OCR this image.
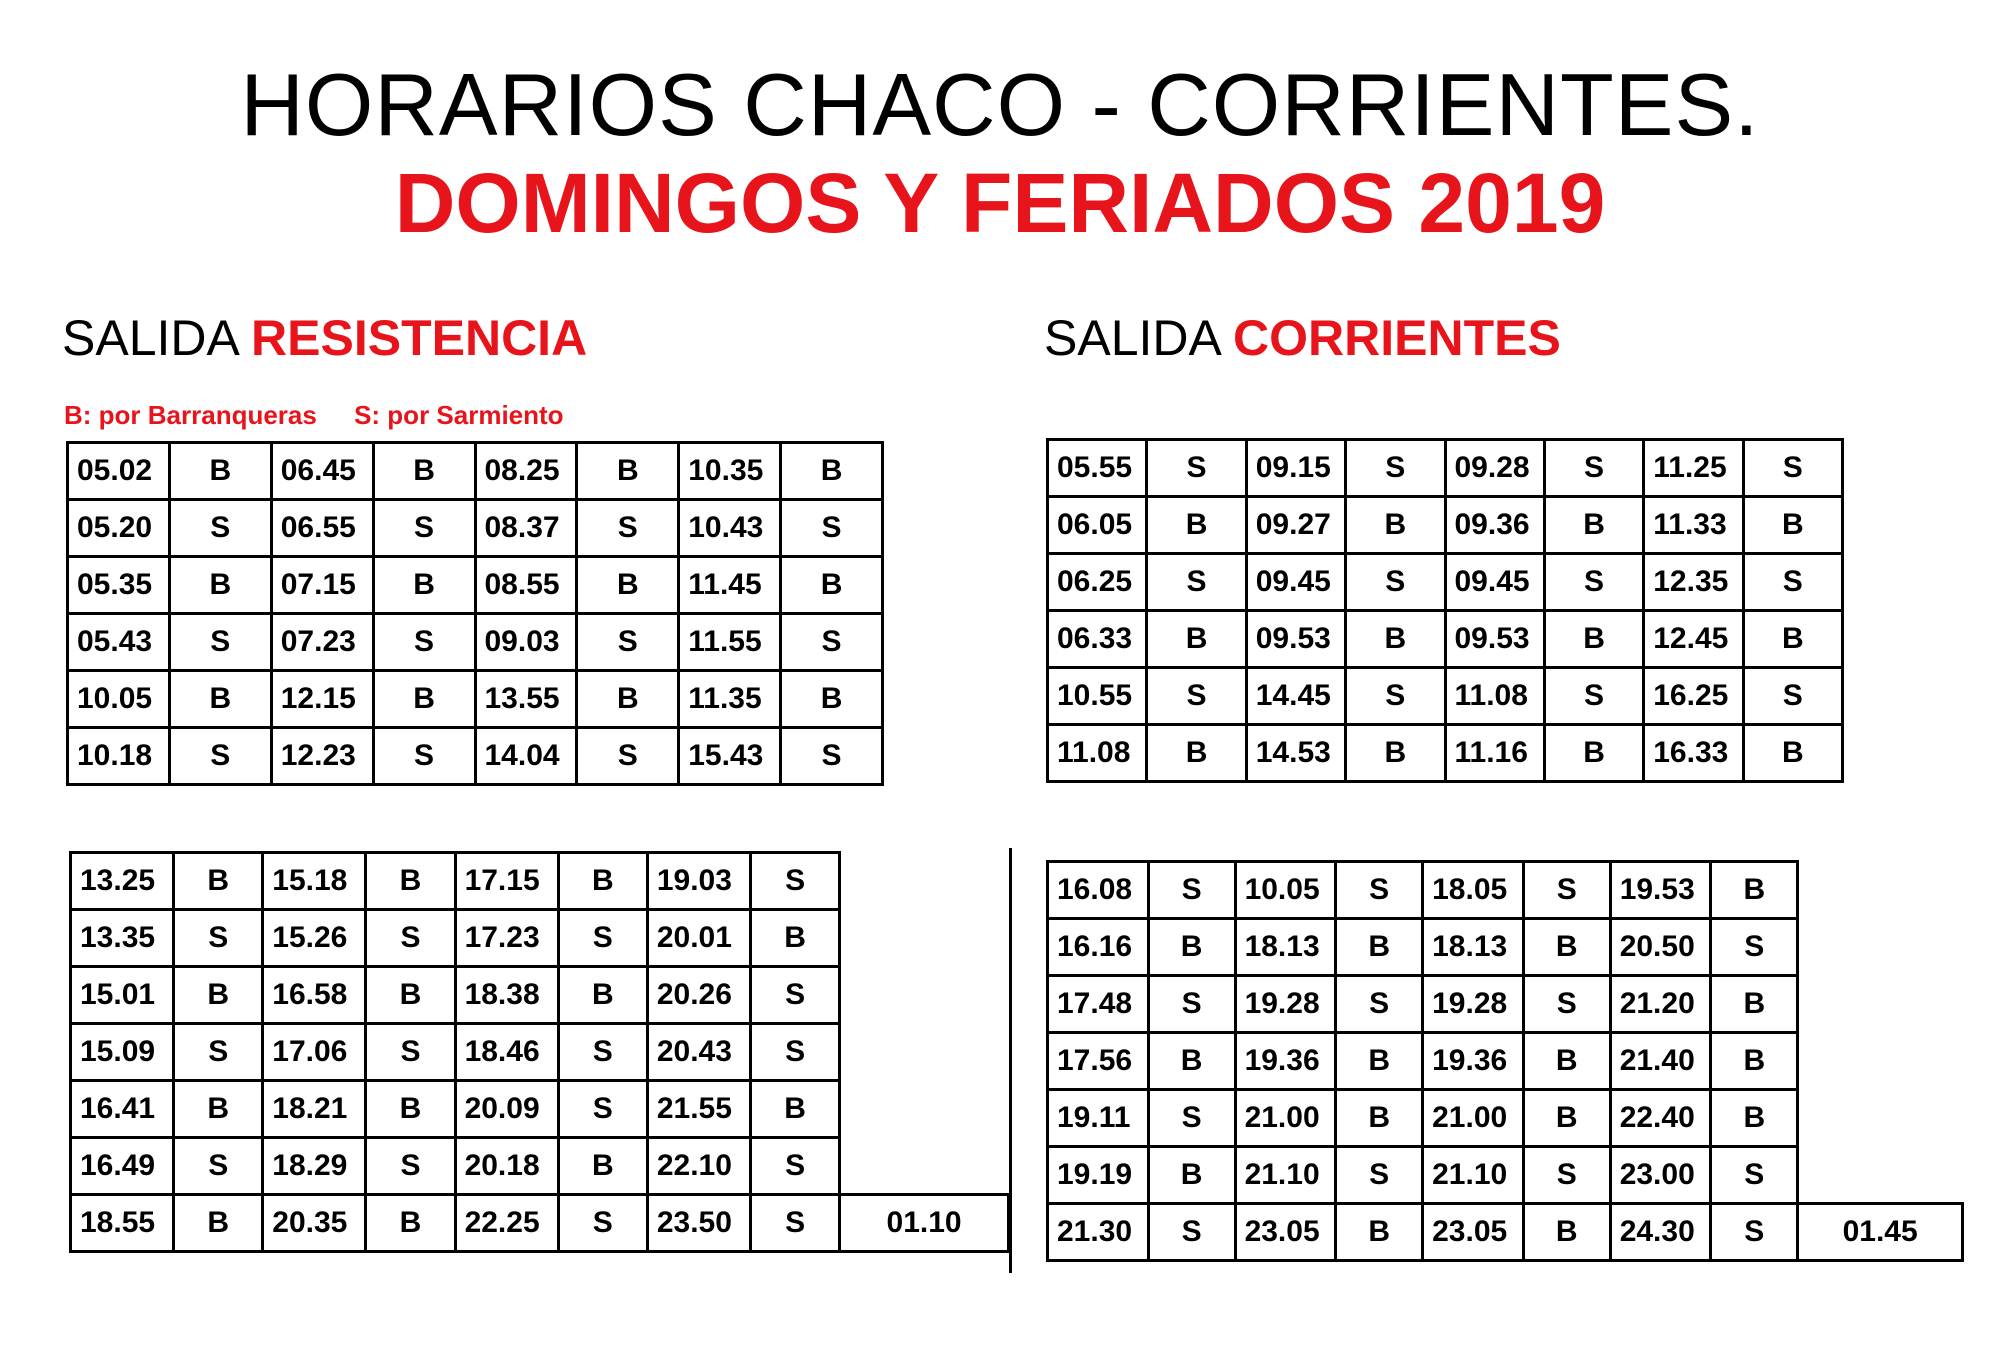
HORARIOS CHACO - CORRIENTES.
DOMINGOS Y FERIADOS 2019
SALIDA RESISTENCIA	SALIDA CORRIENTES
B: por Barranqueras S: por Sarmiento
05.02	B	06.45	B	08.25	B	10.35	B
05.20	S	06.55	S	08.37	S	10.43	S
05.35	B	07.15	B	08.55	B	11.45	B
05.43	S	07.23	S	09.03	S	11.55	S
10.05	B	12.15	B	13.55	B	11.35	B
10.18	S	12.23	S	14.04	S	15.43	S
13.25	B	15.18	B	17.15	B	19.03	S	
13.35	S	15.26	S	17.23	S	20.01	B	
15.01	B	16.58	B	18.38	B	20.26	S	
15.09	S	17.06	S	18.46	S	20.43	S	
16.41	B	18.21	B	20.09	S	21.55	B	
16.49	S	18.29	S	20.18	B	22.10	S	
18.55	B	20.35	B	22.25	S	23.50	S	01.10
05.55	S	09.15	S	09.28	S	11.25	S
06.05	B	09.27	B	09.36	B	11.33	B
06.25	S	09.45	S	09.45	S	12.35	S
06.33	B	09.53	B	09.53	B	12.45	B
10.55	S	14.45	S	11.08	S	16.25	S
11.08	B	14.53	B	11.16	B	16.33	B
16.08	S	10.05	S	18.05	S	19.53	B	
16.16	B	18.13	B	18.13	B	20.50	S	
17.48	S	19.28	S	19.28	S	21.20	B	
17.56	B	19.36	B	19.36	B	21.40	B	
19.11	S	21.00	B	21.00	B	22.40	B	
19.19	B	21.10	S	21.10	S	23.00	S	
21.30	S	23.05	B	23.05	B	24.30	S	01.45
